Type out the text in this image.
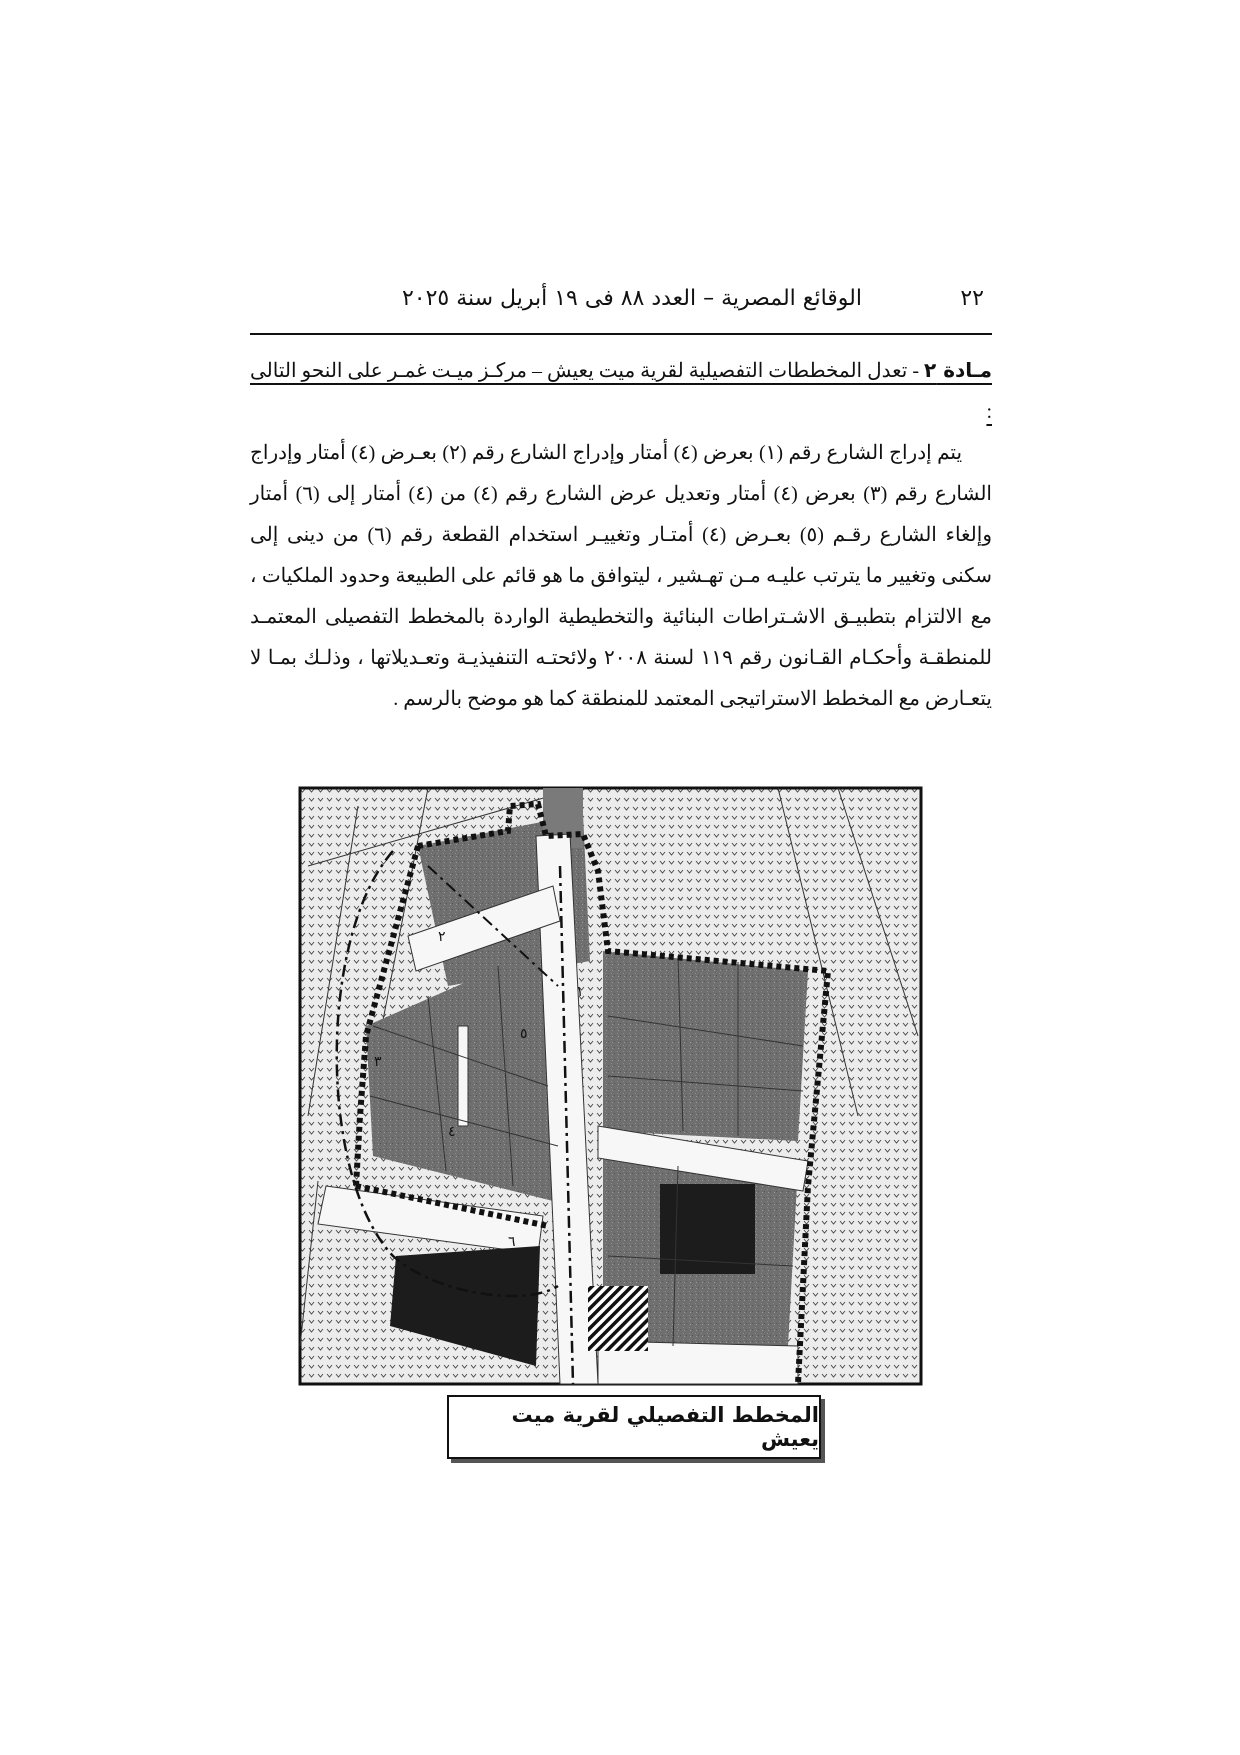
٢٢
الوقائع المصرية – العدد ٨٨ فى ١٩ أبريل سنة ٢٠٢٥

مـادة ٢ - تعدل المخططات التفصيلية لقرية ميت يعيش – مركـز ميـت غمـر على النحو التالى :

يتم إدراج الشارع رقم (١) بعرض (٤) أمتار وإدراج الشارع رقم (٢) بعـرض (٤) أمتار وإدراج الشارع رقم (٣) بعرض (٤) أمتار وتعديل عرض الشارع رقم (٤) من (٤) أمتار إلى (٦) أمتار وإلغاء الشارع رقـم (٥) بعـرض (٤) أمتـار وتغييـر استخدام القطعة رقم (٦) من دينى إلى سكنى وتغيير ما يترتب عليـه مـن تهـشير ، ليتوافق ما هو قائم على الطبيعة وحدود الملكيات ، مع الالتزام بتطبيـق الاشـتراطات البنائية والتخطيطية الواردة بالمخطط التفصيلى المعتمـد للمنطقـة وأحكـام القـانون رقم ١١٩ لسنة ٢٠٠٨ ولائحتـه التنفيذيـة وتعـديلاتها ، وذلـك بمـا لا يتعـارض مع المخطط الاستراتيجى المعتمد للمنطقة كما هو موضح بالرسم .

١
٢
٣
٤
٥
٦
المخطط التفصيلي لقرية ميت يعيش
